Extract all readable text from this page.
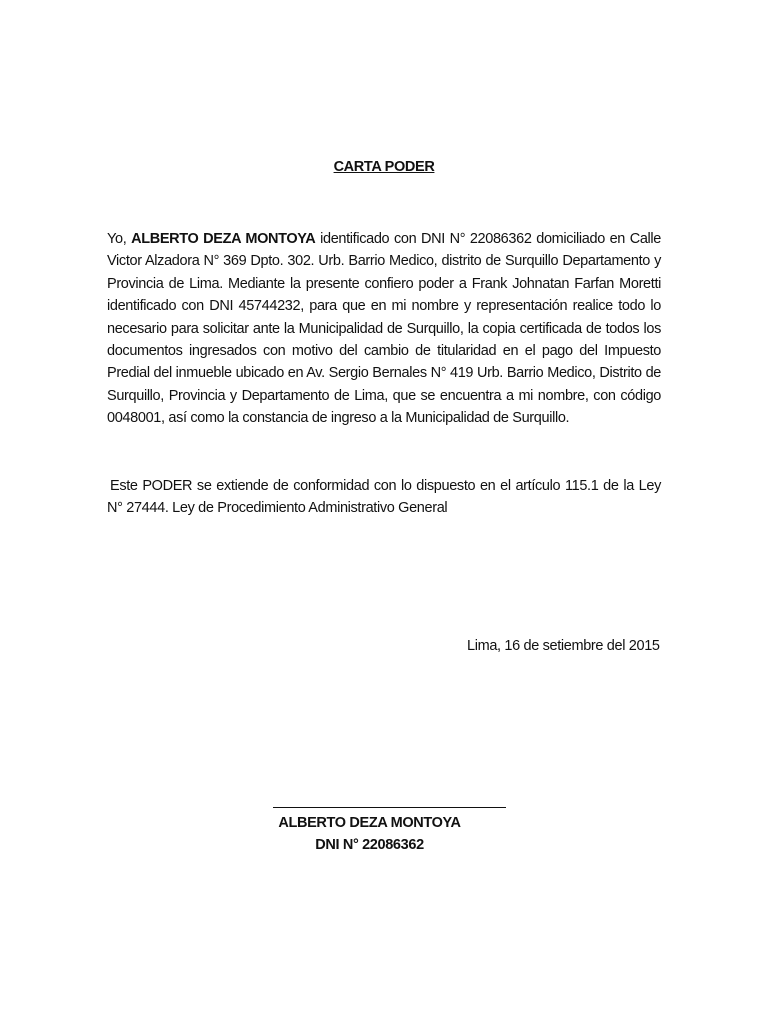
CARTA PODER

Yo, ALBERTO DEZA MONTOYA identificado con DNI N° 22086362 domiciliado en Calle Victor Alzadora N° 369 Dpto. 302. Urb. Barrio Medico, distrito de Surquillo Departamento y Provincia de Lima. Mediante la presente confiero poder a Frank Johnatan Farfan Moretti identificado con DNI 45744232, para que en mi nombre y representación realice todo lo necesario para solicitar ante la Municipalidad de Surquillo, la copia certificada de todos los documentos ingresados con motivo del cambio de titularidad en el pago del Impuesto Predial del inmueble ubicado en Av. Sergio Bernales N° 419 Urb. Barrio Medico, Distrito de Surquillo, Provincia y Departamento de Lima, que se encuentra a mi nombre, con código 0048001, así como la constancia de ingreso a la Municipalidad de Surquillo.

Este PODER se extiende de conformidad con lo dispuesto en el artículo 115.1 de la Ley N° 27444. Ley de Procedimiento Administrativo General

Lima, 16 de setiembre del 2015
ALBERTO DEZA MONTOYA
DNI N° 22086362
